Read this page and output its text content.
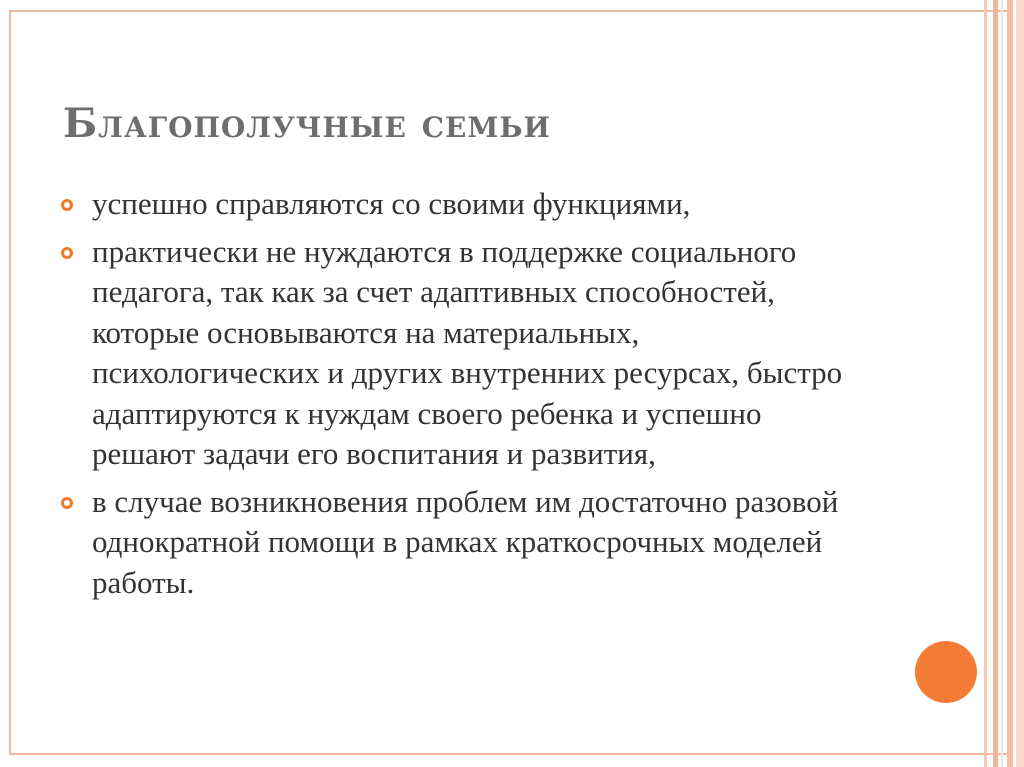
Благополучные семьи
успешно справляются со своими функциями,
практически не нуждаются в поддержке социального педагога, так как за счет адаптивных способностей, которые основываются на материальных, психологических и других внутренних ресурсах, быстро адаптируются к нуждам своего ребенка и успешно решают задачи его воспитания и развития,
в случае возникновения проблем им достаточно разовой однократной помощи в рамках краткосрочных моделей работы.
